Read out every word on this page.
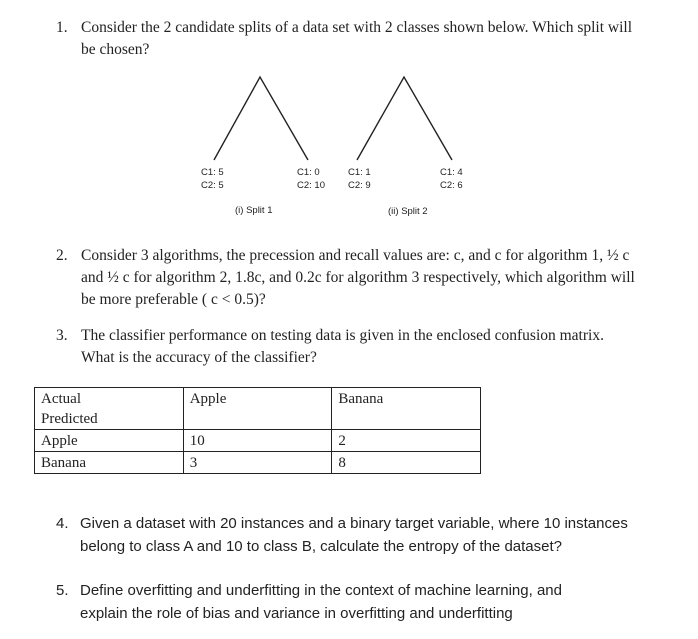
1. Consider the 2 candidate splits of a data set with 2 classes shown below. Which split will
be chosen?
C1: 5
C2: 5
C1: 0
C2: 10
C1: 1
C2: 9
C1: 4
C2: 6
(i) Split 1	(ii) Split 2
2. Consider 3 algorithms, the precession and recall values are: c, and c for algorithm 1, ½ c
and ½ c for algorithm 2, 1.8c, and 0.2c for algorithm 3 respectively, which algorithm will
be more preferable ( c < 0.5)?
3. The classifier performance on testing data is given in the enclosed confusion matrix.
What is the accuracy of the classifier?
Actual
Predicted	Apple	Banana
Apple	10	2
Banana	3	8
4. Given a dataset with 20 instances and a binary target variable, where 10 instances
belong to class A and 10 to class B, calculate the entropy of the dataset?
5. Define overfitting and underfitting in the context of machine learning, and
explain the role of bias and variance in overfitting and underfitting
